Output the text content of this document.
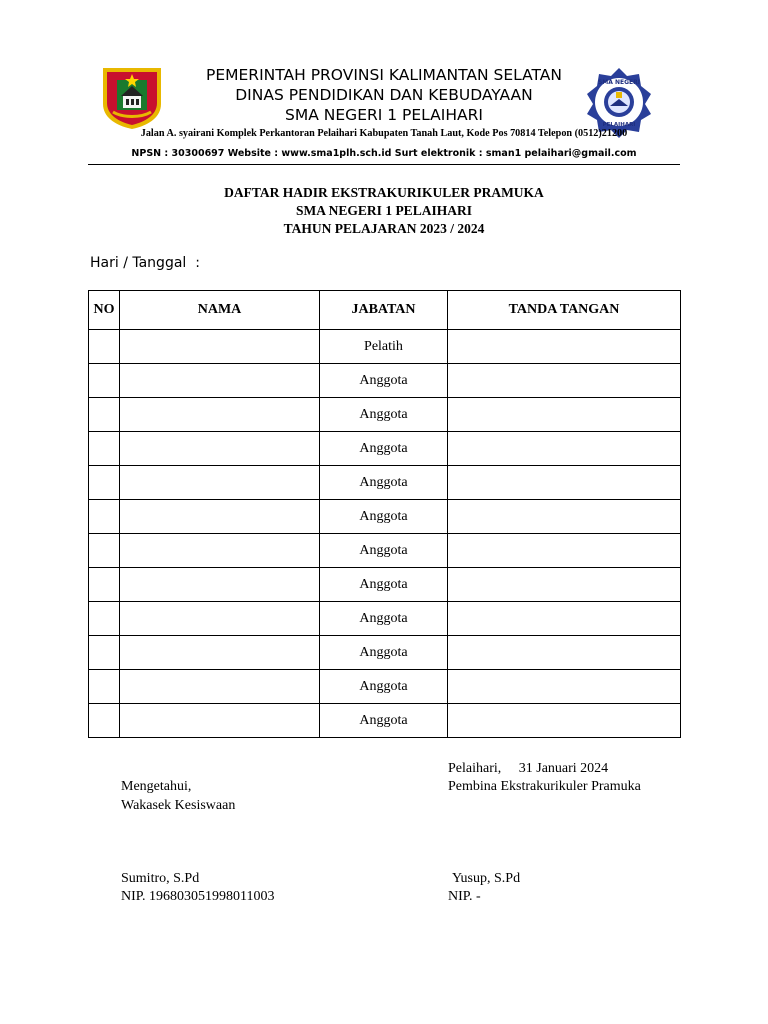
PEMERINTAH PROVINSI KALIMANTAN SELATAN
DINAS PENDIDIKAN DAN KEBUDAYAAN
SMA NEGERI 1 PELAIHARI
SMA NEGERI
PELAIHARI
Jalan A. syairani Komplek Perkantoran Pelaihari Kabupaten Tanah Laut, Kode Pos 70814 Telepon (0512)21200
NPSN : 30300697 Website : www.sma1plh.sch.id Surt elektronik : sman1 pelaihari@gmail.com
DAFTAR HADIR EKSTRAKURIKULER PRAMUKA
SMA NEGERI 1 PELAIHARI
TAHUN PELAJARAN 2023 / 2024
Hari / Tanggal  :
NO	NAMA	JABATAN	TANDA TANGAN
		Pelatih	
		Anggota	
		Anggota	
		Anggota	
		Anggota	
		Anggota	
		Anggota	
		Anggota	
		Anggota	
		Anggota	
		Anggota	
		Anggota	
Pelaihari,     31 Januari 2024
Pembina Ekstrakurikuler Pramuka
Mengetahui,
Wakasek Kesiswaan
Sumitro, S.Pd	Yusup, S.Pd
NIP. 196803051998011003	NIP. -
